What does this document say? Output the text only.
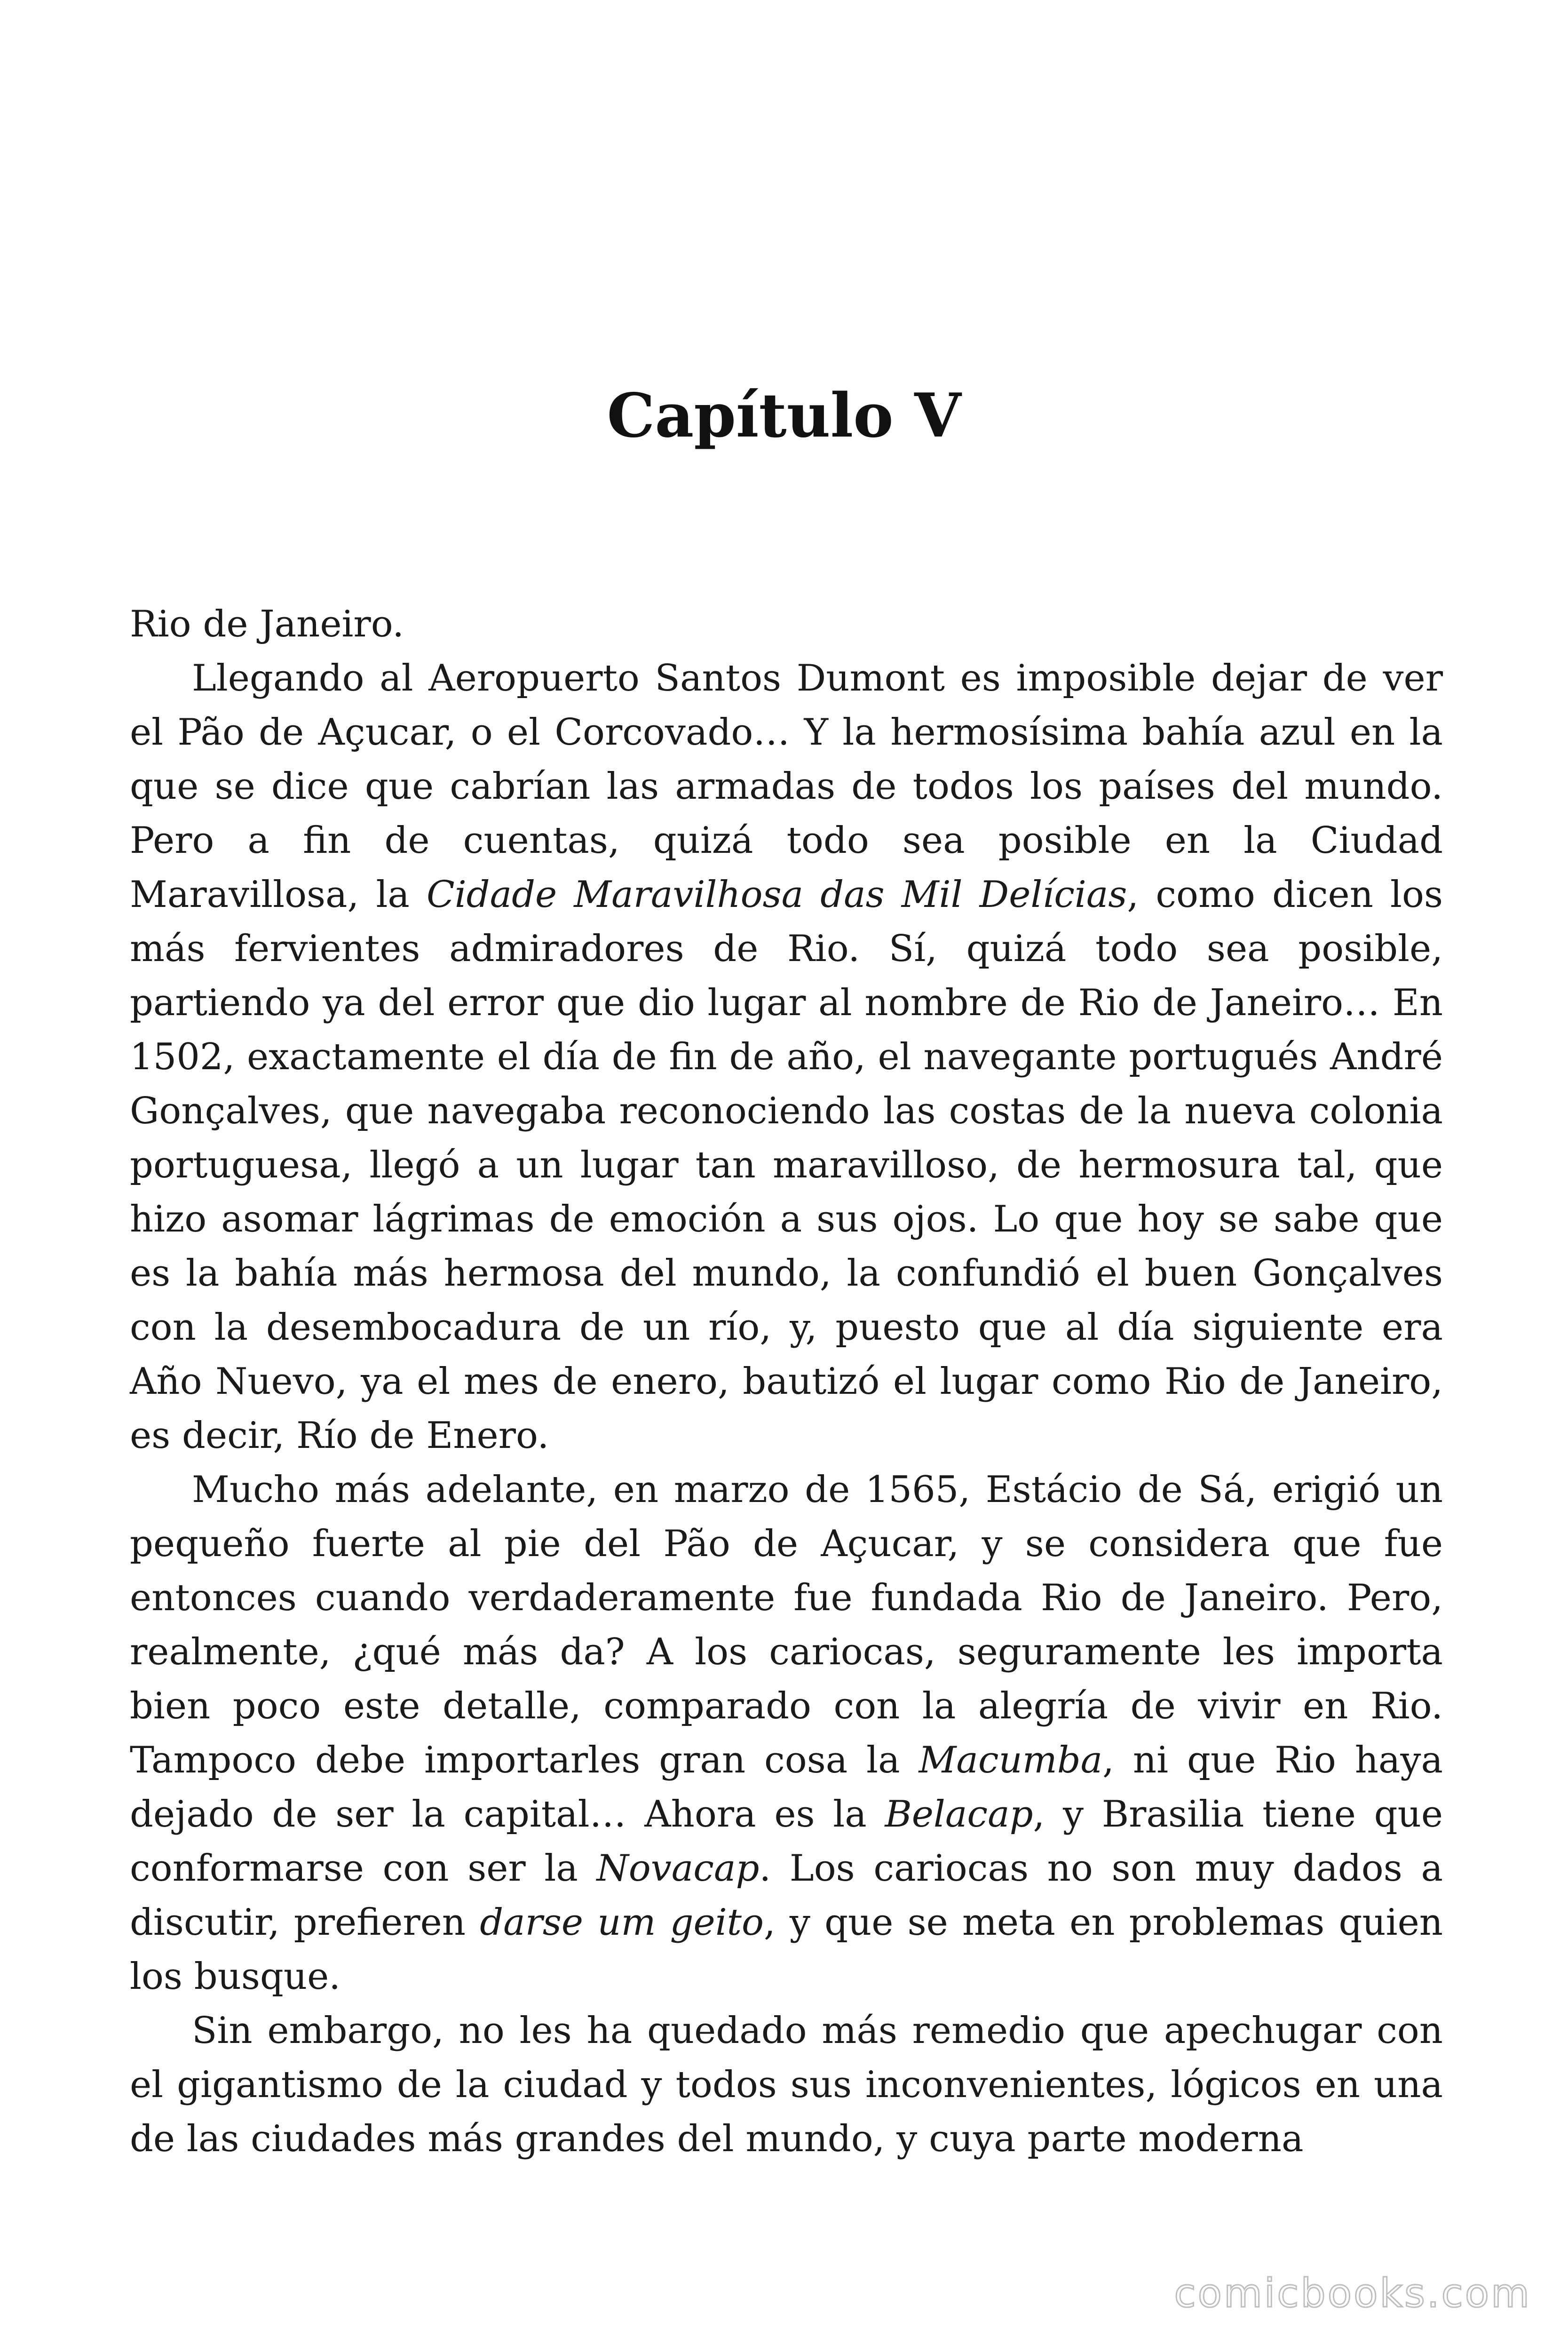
Capítulo V

Rio de Janeiro.

Llegando al Aeropuerto Santos Dumont es imposible dejar de ver el Pão de Açucar, o el Corcovado… Y la hermosísima bahía azul en la que se dice que cabrían las armadas de todos los países del mundo. Pero a fin de cuentas, quizá todo sea posible en la Ciudad Maravillosa, la Cidade Maravilhosa das Mil Delícias, como dicen los más fervientes admiradores de Rio. Sí, quizá todo sea posible, partiendo ya del error que dio lugar al nombre de Rio de Janeiro… En 1502, exactamente el día de fin de año, el navegante portugués André Gonçalves, que navegaba reconociendo las costas de la nueva colonia portuguesa, llegó a un lugar tan maravilloso, de hermosura tal, que hizo asomar lágrimas de emoción a sus ojos. Lo que hoy se sabe que es la bahía más hermosa del mundo, la confundió el buen Gonçalves con la desembocadura de un río, y, puesto que al día siguiente era Año Nuevo, ya el mes de enero, bautizó el lugar como Rio de Janeiro, es decir, Río de Enero.

Mucho más adelante, en marzo de 1565, Estácio de Sá, erigió un pequeño fuerte al pie del Pão de Açucar, y se considera que fue entonces cuando verdaderamente fue fundada Rio de Janeiro. Pero, realmente, ¿qué más da? A los cariocas, seguramente les importa bien poco este detalle, comparado con la alegría de vivir en Rio. Tampoco debe importarles gran cosa la Macumba, ni que Rio haya dejado de ser la capital… Ahora es la Belacap, y Brasilia tiene que conformarse con ser la Novacap. Los cariocas no son muy dados a discutir, prefieren darse um geito, y que se meta en problemas quien los busque.

Sin embargo, no les ha quedado más remedio que apechugar con el gigantismo de la ciudad y todos sus inconvenientes, lógicos en una de las ciudades más grandes del mundo, y cuya parte moderna

comicbooks.com
